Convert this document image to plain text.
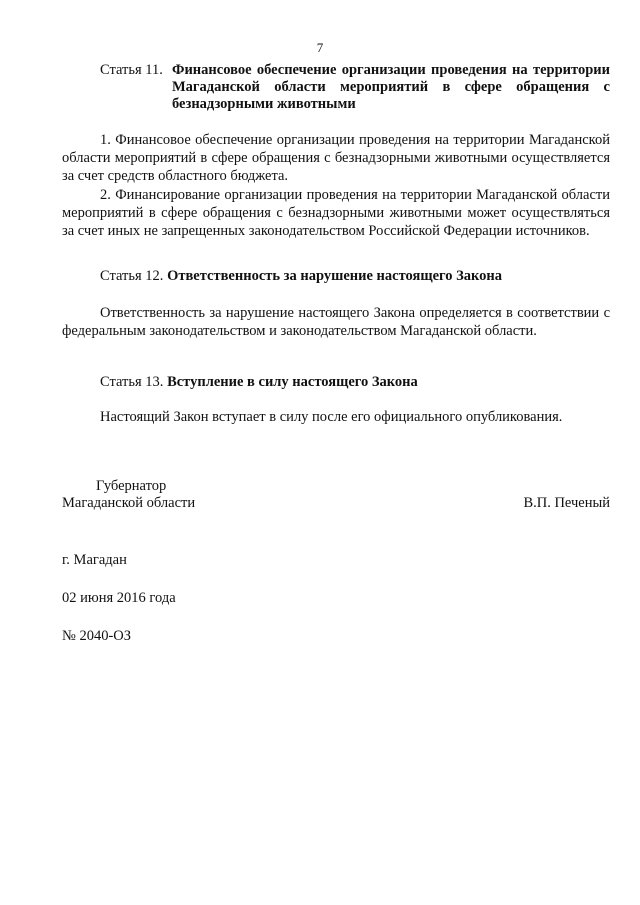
7
Статья 11. Финансовое обеспечение организации проведения на территории Магаданской области мероприятий в сфере обращения с безнадзорными животными
1. Финансовое обеспечение организации проведения на территории Магаданской области мероприятий в сфере обращения с безнадзорными животными осуществляется за счет средств областного бюджета.
2. Финансирование организации проведения на территории Магаданской области мероприятий в сфере обращения с безнадзорными животными может осуществляться за счет иных не запрещенных законодательством Российской Федерации источников.
Статья 12. Ответственность за нарушение настоящего Закона
Ответственность за нарушение настоящего Закона определяется в соответствии с федеральным законодательством и законодательством Магаданской области.
Статья 13. Вступление в силу настоящего Закона
Настоящий Закон вступает в силу после его официального опубликования.
Губернатор
Магаданской области	В.П. Печеный
г. Магадан
02 июня 2016 года
№ 2040-ОЗ
